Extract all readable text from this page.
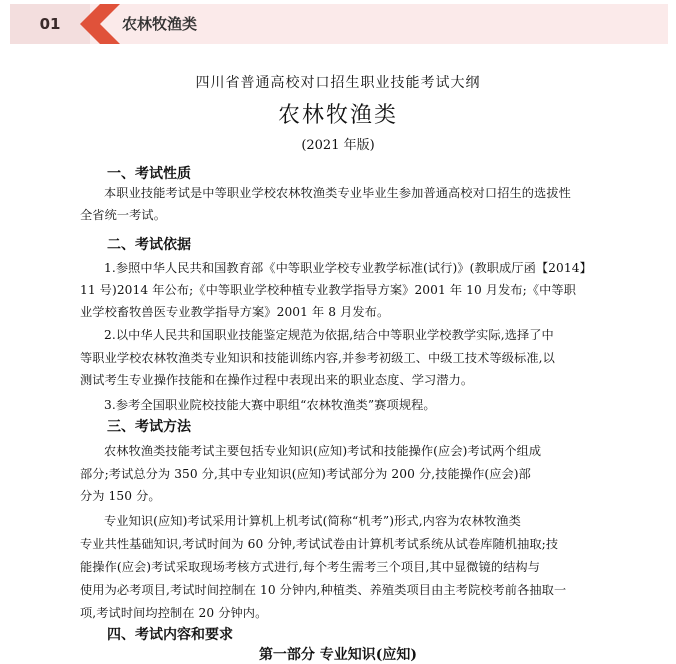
01	农林牧渔类
四川省普通高校对口招生职业技能考试大纲
农林牧渔类
(2021 年版)
一、考试性质
本职业技能考试是中等职业学校农林牧渔类专业毕业生参加普通高校对口招生的选拔性
全省统一考试。
二、考试依据
1.参照中华人民共和国教育部《中等职业学校专业教学标准(试行)》(教职成厅函【2014】
11 号)2014 年公布;《中等职业学校种植专业教学指导方案》2001 年 10 月发布;《中等职
业学校畜牧兽医专业教学指导方案》2001 年 8 月发布。
2.以中华人民共和国职业技能鉴定规范为依据,结合中等职业学校教学实际,选择了中
等职业学校农林牧渔类专业知识和技能训练内容,并参考初级工、中级工技术等级标准,以
测试考生专业操作技能和在操作过程中表现出来的职业态度、学习潜力。
3.参考全国职业院校技能大赛中职组“农林牧渔类”赛项规程。
三、考试方法
农林牧渔类技能考试主要包括专业知识(应知)考试和技能操作(应会)考试两个组成
部分;考试总分为 350 分,其中专业知识(应知)考试部分为 200 分,技能操作(应会)部
分为 150 分。
专业知识(应知)考试采用计算机上机考试(简称“机考”)形式,内容为农林牧渔类
专业共性基础知识,考试时间为 60 分钟,考试试卷由计算机考试系统从试卷库随机抽取;技
能操作(应会)考试采取现场考核方式进行,每个考生需考三个项目,其中显微镜的结构与
使用为必考项目,考试时间控制在 10 分钟内,种植类、养殖类项目由主考院校考前各抽取一
项,考试时间均控制在 20 分钟内。
四、考试内容和要求
第一部分 专业知识(应知)
